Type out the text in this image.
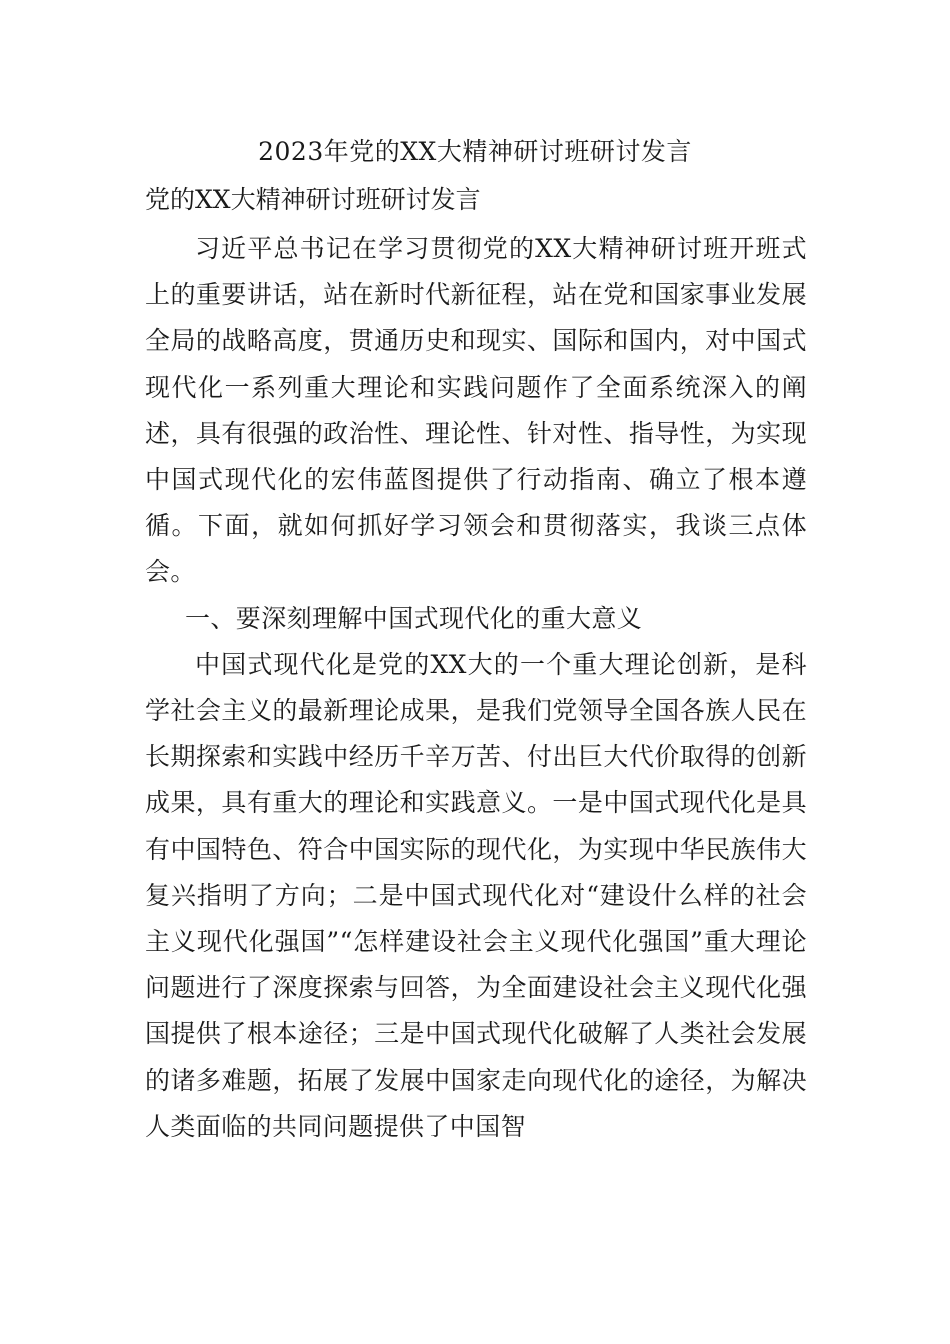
2023年党的XX大精神研讨班研讨发言
党的XX大精神研讨班研讨发言

习近平总书记在学习贯彻党的XX大精神研讨班开班式上的重要讲话，站在新时代新征程，站在党和国家事业发展全局的战略高度，贯通历史和现实、国际和国内，对中国式现代化一系列重大理论和实践问题作了全面系统深入的阐述，具有很强的政治性、理论性、针对性、指导性，为实现中国式现代化的宏伟蓝图提供了行动指南、确立了根本遵循。下面，就如何抓好学习领会和贯彻落实，我谈三点体会。

一、要深刻理解中国式现代化的重大意义

中国式现代化是党的XX大的一个重大理论创新，是科学社会主义的最新理论成果，是我们党领导全国各族人民在长期探索和实践中经历千辛万苦、付出巨大代价取得的创新成果，具有重大的理论和实践意义。一是中国式现代化是具有中国特色、符合中国实际的现代化，为实现中华民族伟大复兴指明了方向；二是中国式现代化对“建设什么样的社会主义现代化强国”“怎样建设社会主义现代化强国”重大理论问题进行了深度探索与回答，为全面建设社会主义现代化强国提供了根本途径；三是中国式现代化破解了人类社会发展的诸多难题，拓展了发展中国家走向现代化的途径，为解决人类面临的共同问题提供了中国智
